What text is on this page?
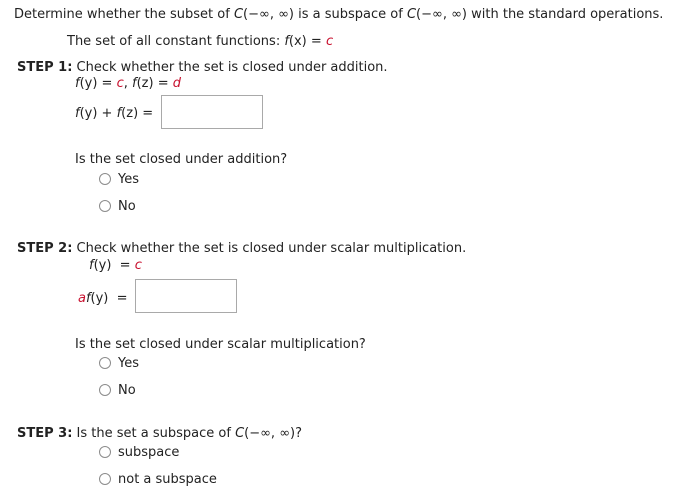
Determine whether the subset of C(−∞, ∞) is a subspace of C(−∞, ∞) with the standard operations.
The set of all constant functions: f(x) = c
STEP 1: Check whether the set is closed under addition.
f(y) = c, f(z) = d
f(y) + f(z) =
Is the set closed under addition?
Yes
No
STEP 2: Check whether the set is closed under scalar multiplication.
f(y)  = c
af(y)  =
Is the set closed under scalar multiplication?
Yes
No
STEP 3: Is the set a subspace of C(−∞, ∞)?
subspace
not a subspace
